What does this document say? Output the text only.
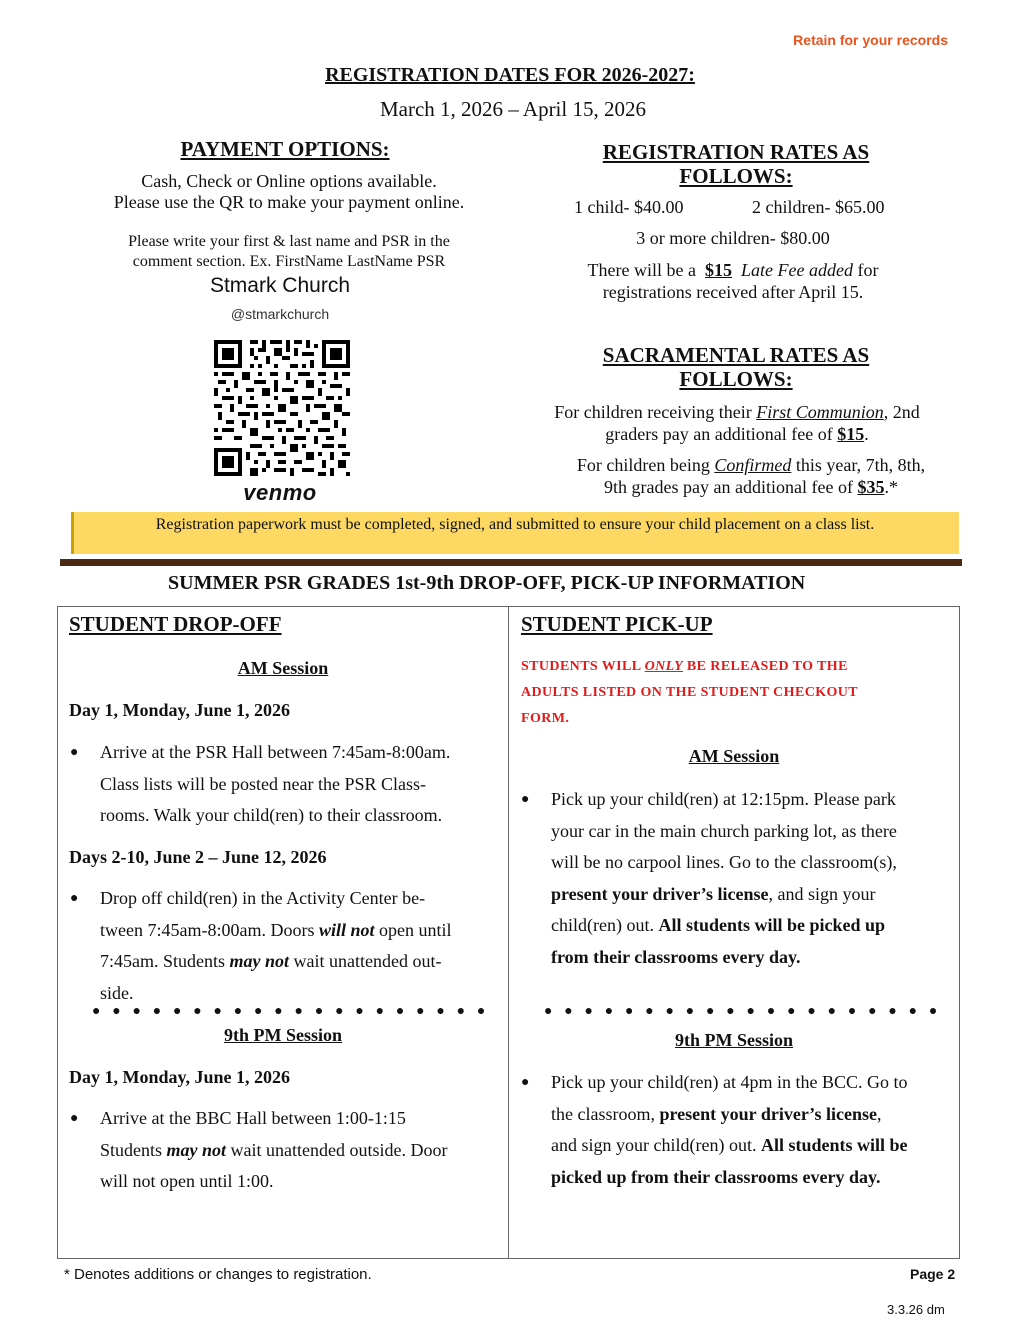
Retain for your records
REGISTRATION DATES FOR 2026-2027:
March 1, 2026 – April 15, 2026
PAYMENT OPTIONS:
Cash, Check or Online options available.
Please use the QR to make your payment online.
Please write your first & last name and PSR in the
comment section. Ex. FirstName LastName PSR
Stmark Church
@stmarkchurch
venmo
REGISTRATION RATES AS
FOLLOWS:
1 child- $40.00	2 children- $65.00
3 or more children- $80.00
There will be a  $15 Late Fee added for
registrations received after April 15.
SACRAMENTAL RATES AS
FOLLOWS:
For children receiving their First Communion, 2nd
graders pay an additional fee of $15.
For children being Confirmed this year, 7th, 8th,
9th grades pay an additional fee of $35.*
Registration paperwork must be completed, signed, and submitted to ensure your child placement on a class list.
SUMMER PSR GRADES 1st-9th DROP-OFF, PICK-UP INFORMATION
STUDENT DROP-OFF
AM Session
Day 1, Monday, June 1, 2026
● Arrive at the PSR Hall between 7:45am-8:00am.
Class lists will be posted near the PSR Class-
rooms. Walk your child(ren) to their classroom.
Days 2-10, June 2 – June 12, 2026
● Drop off child(ren) in the Activity Center be-
tween 7:45am-8:00am. Doors will not open until
7:45am. Students may not wait unattended out-
side.
●●●●●●●●●●●●●●●●●●●●
9th PM Session
Day 1, Monday, June 1, 2026
● Arrive at the BBC Hall between 1:00-1:15
Students may not wait unattended outside. Door
will not open until 1:00.
STUDENT PICK-UP
STUDENTS WILL ONLY BE RELEASED TO THE
ADULTS LISTED ON THE STUDENT CHECKOUT
FORM.
AM Session
● Pick up your child(ren) at 12:15pm. Please park
your car in the main church parking lot, as there
will be no carpool lines. Go to the classroom(s),
present your driver’s license, and sign your
child(ren) out. All students will be picked up
from their classrooms every day.
●●●●●●●●●●●●●●●●●●●●
9th PM Session
● Pick up your child(ren) at 4pm in the BCC. Go to
the classroom, present your driver’s license,
and sign your child(ren) out. All students will be
picked up from their classrooms every day.
* Denotes additions or changes to registration.	Page 2
3.3.26 dm
